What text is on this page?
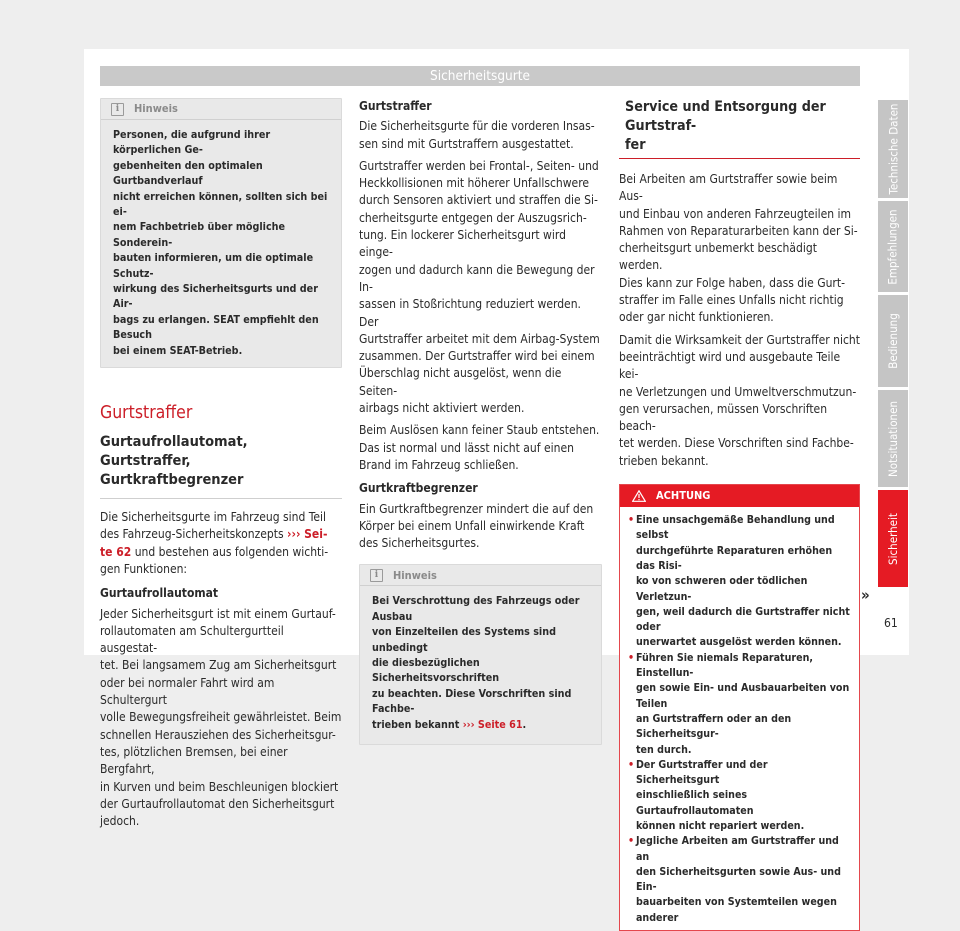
Sicherheitsgurte
i	Hinweis
Personen, die aufgrund ihrer körperlichen Ge-
gebenheiten den optimalen Gurtbandverlauf
nicht erreichen können, sollten sich bei ei-
nem Fachbetrieb über mögliche Sonderein-
bauten informieren, um die optimale Schutz-
wirkung des Sicherheitsgurts und der Air-
bags zu erlangen. SEAT empfiehlt den Besuch
bei einem SEAT-Betrieb.
Gurtstraffer
Gurtaufrollautomat, Gurtstraffer,
Gurtkraftbegrenzer
Die Sicherheitsgurte im Fahrzeug sind Teil
des Fahrzeug-Sicherheitskonzepts ››› Sei-
te 62 und bestehen aus folgenden wichti-
gen Funktionen:
Gurtaufrollautomat
Jeder Sicherheitsgurt ist mit einem Gurtauf-
rollautomaten am Schultergurtteil ausgestat-
tet. Bei langsamem Zug am Sicherheitsgurt
oder bei normaler Fahrt wird am Schultergurt
volle Bewegungsfreiheit gewährleistet. Beim
schnellen Herausziehen des Sicherheitsgur-
tes, plötzlichen Bremsen, bei einer Bergfahrt,
in Kurven und beim Beschleunigen blockiert
der Gurtaufrollautomat den Sicherheitsgurt
jedoch.
Gurtstraffer
Die Sicherheitsgurte für die vorderen Insas-
sen sind mit Gurtstraffern ausgestattet.
Gurtstraffer werden bei Frontal-, Seiten- und
Heckkollisionen mit höherer Unfallschwere
durch Sensoren aktiviert und straffen die Si-
cherheitsgurte entgegen der Auszugsrich-
tung. Ein lockerer Sicherheitsgurt wird einge-
zogen und dadurch kann die Bewegung der In-
sassen in Stoßrichtung reduziert werden. Der
Gurtstraffer arbeitet mit dem Airbag-System
zusammen. Der Gurtstraffer wird bei einem
Überschlag nicht ausgelöst, wenn die Seiten-
airbags nicht aktiviert werden.
Beim Auslösen kann feiner Staub entstehen.
Das ist normal und lässt nicht auf einen
Brand im Fahrzeug schließen.
Gurtkraftbegrenzer
Ein Gurtkraftbegrenzer mindert die auf den
Körper bei einem Unfall einwirkende Kraft
des Sicherheitsgurtes.
i	Hinweis
Bei Verschrottung des Fahrzeugs oder Ausbau
von Einzelteilen des Systems sind unbedingt
die diesbezüglichen Sicherheitsvorschriften
zu beachten. Diese Vorschriften sind Fachbe-
trieben bekannt ››› Seite 61.
Service und Entsorgung der Gurtstraf-
fer
Bei Arbeiten am Gurtstraffer sowie beim Aus-
und Einbau von anderen Fahrzeugteilen im
Rahmen von Reparaturarbeiten kann der Si-
cherheitsgurt unbemerkt beschädigt werden.
Dies kann zur Folge haben, dass die Gurt-
straffer im Falle eines Unfalls nicht richtig
oder gar nicht funktionieren.
Damit die Wirksamkeit der Gurtstraffer nicht
beeinträchtigt wird und ausgebaute Teile kei-
ne Verletzungen und Umweltverschmutzun-
gen verursachen, müssen Vorschriften beach-
tet werden. Diese Vorschriften sind Fachbe-
trieben bekannt.
ACHTUNG
• Eine unsachgemäße Behandlung und selbst
durchgeführte Reparaturen erhöhen das Risi-
ko von schweren oder tödlichen Verletzun-
gen, weil dadurch die Gurtstraffer nicht oder
unerwartet ausgelöst werden können.
• Führen Sie niemals Reparaturen, Einstellun-
gen sowie Ein- und Ausbauarbeiten von Teilen
an Gurtstraffern oder an den Sicherheitsgur-
ten durch.
• Der Gurtstraffer und der Sicherheitsgurt
einschließlich seines Gurtaufrollautomaten
können nicht repariert werden.
• Jegliche Arbeiten am Gurtstraffer und an
den Sicherheitsgurten sowie Aus- und Ein-
bauarbeiten von Systemteilen wegen anderer
»
Technische Daten
Empfehlungen
Bedienung
Notsituationen
Sicherheit
61
